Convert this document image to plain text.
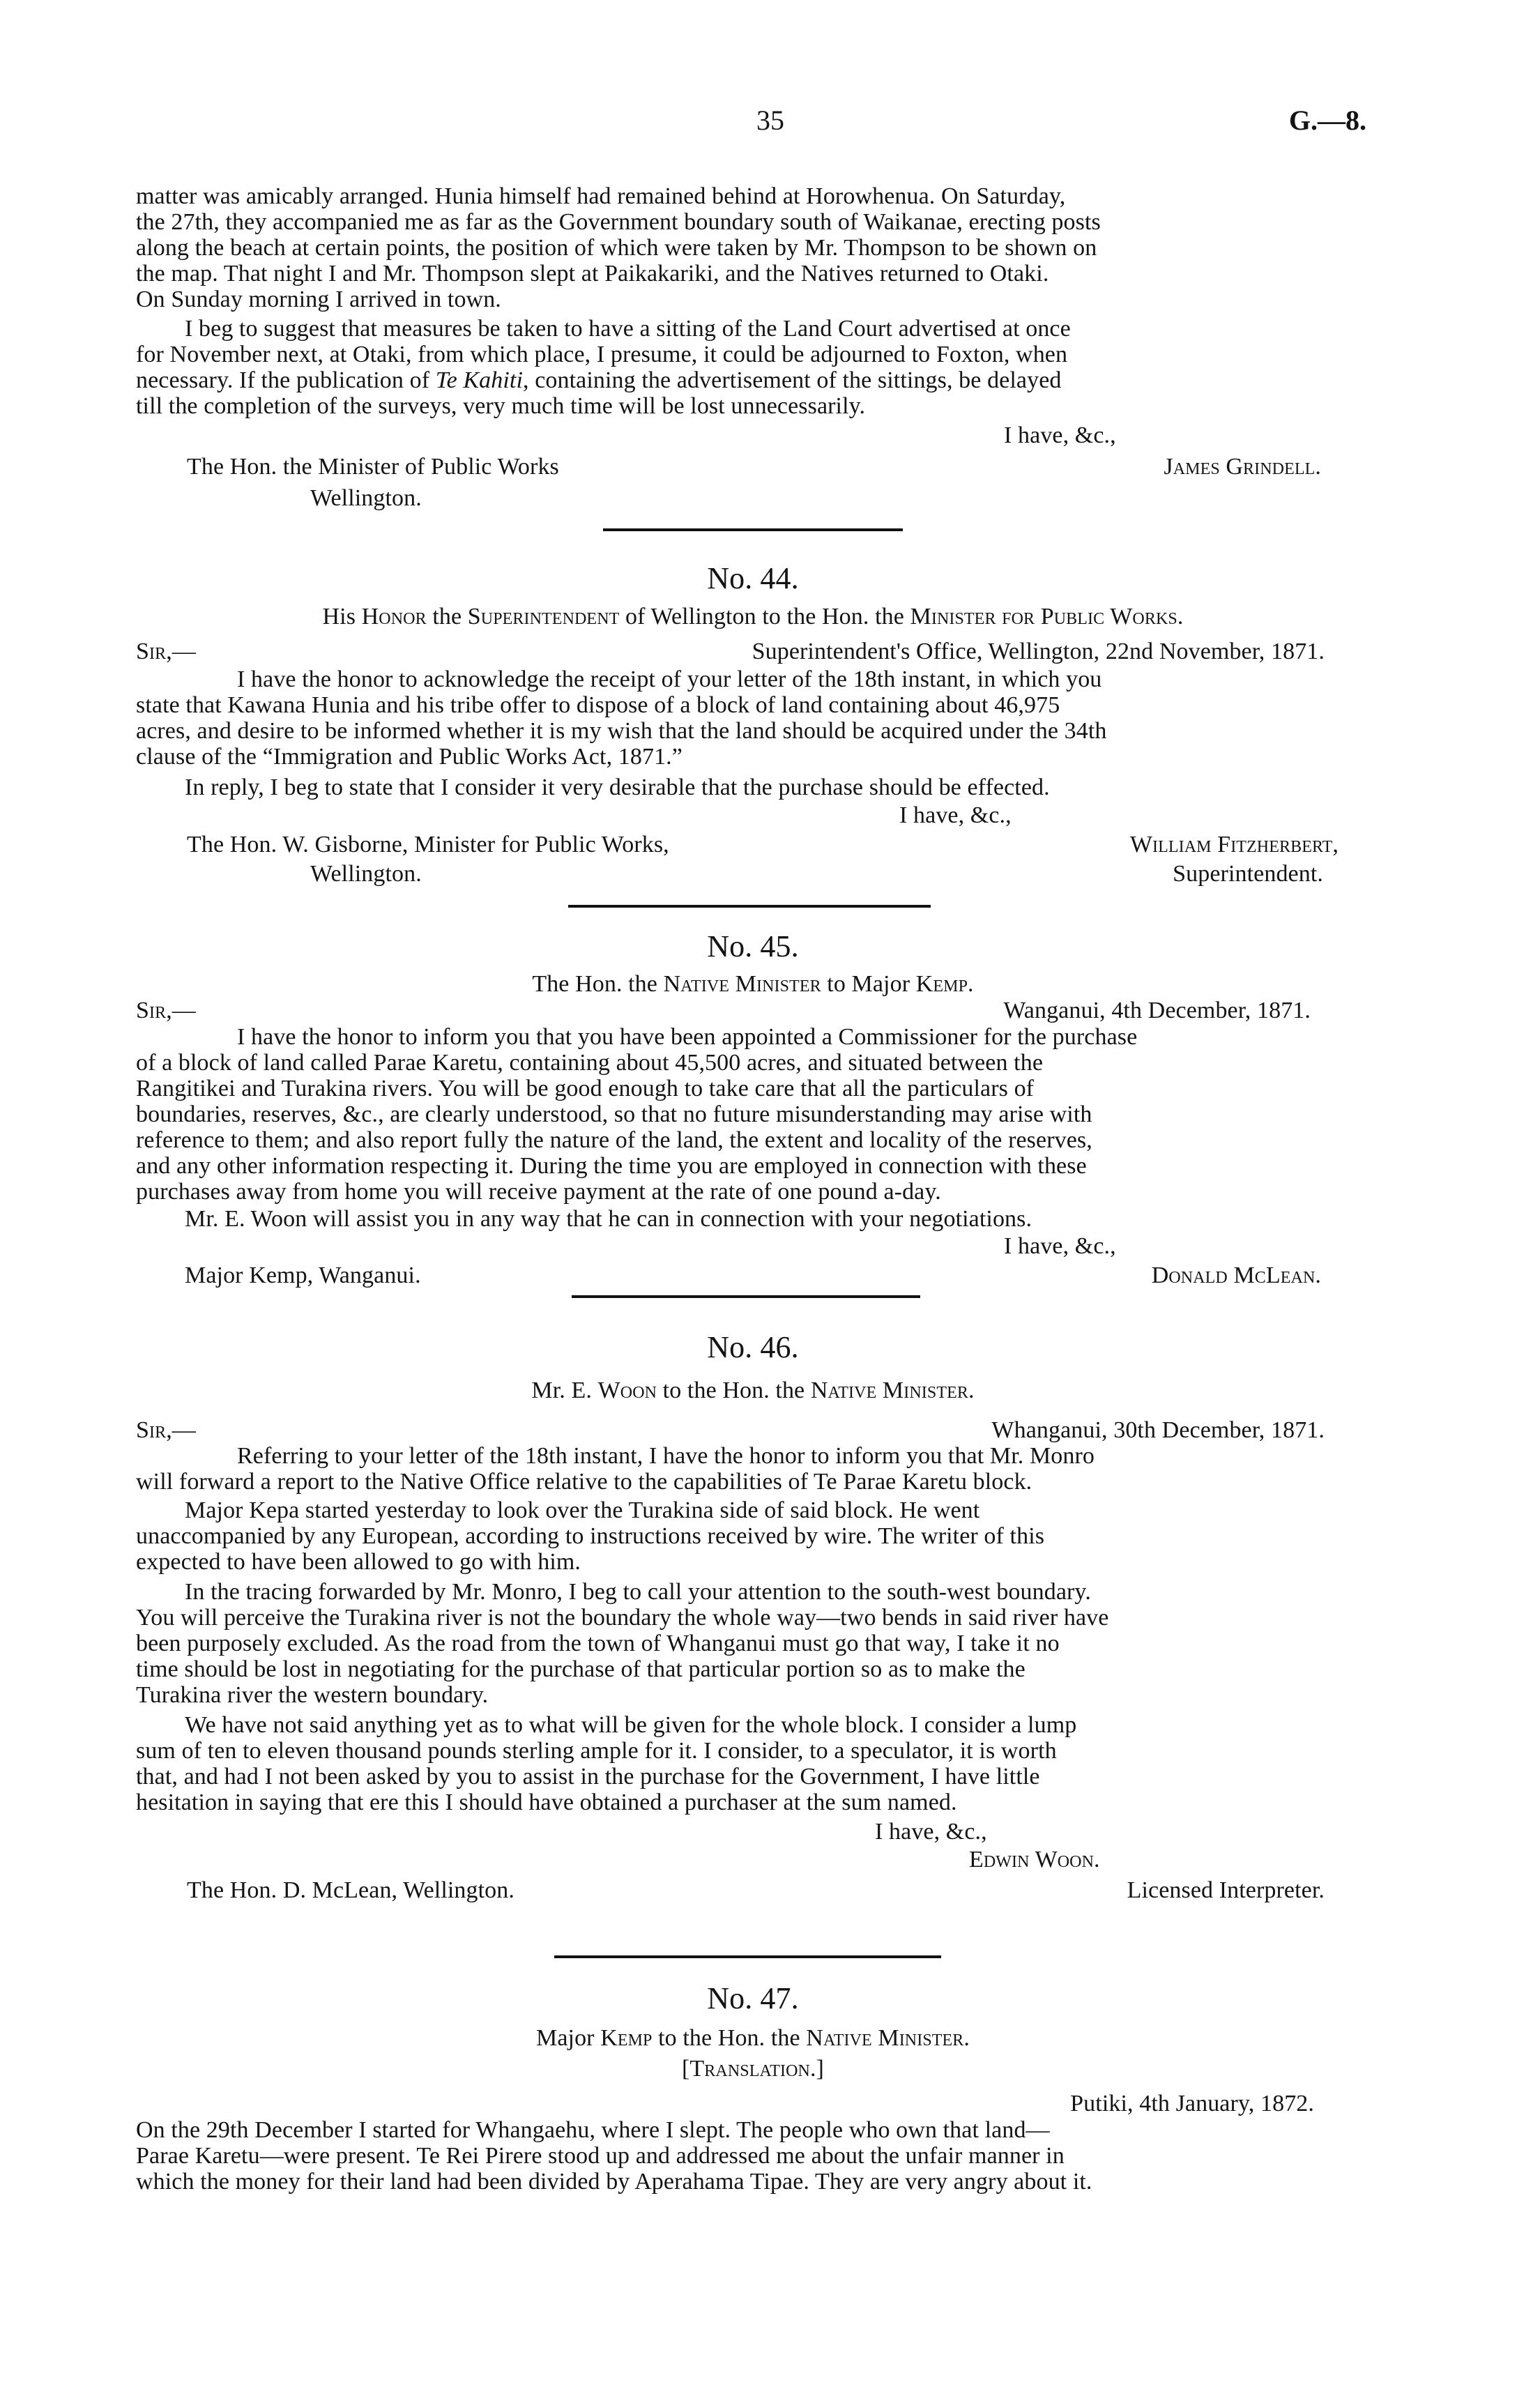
35	G.—8.

matter was amicably arranged. Hunia himself had remained behind at Horowhenua. On Saturday,

the 27th, they accompanied me as far as the Government boundary south of Waikanae, erecting posts

along the beach at certain points, the position of which were taken by Mr. Thompson to be shown on

the map. That night I and Mr. Thompson slept at Paikakariki, and the Natives returned to Otaki.

On Sunday morning I arrived in town.

I beg to suggest that measures be taken to have a sitting of the Land Court advertised at once

for November next, at Otaki, from which place, I presume, it could be adjourned to Foxton, when

necessary. If the publication of Te Kahiti, containing the advertisement of the sittings, be delayed

till the completion of the surveys, very much time will be lost unnecessarily.

I have, &c.,

The Hon. the Minister of Public Works	James Grindell.

Wellington.

No. 44.

His Honor the Superintendent of Wellington to the Hon. the Minister for Public Works.

Sir,—	Superintendent's Office, Wellington, 22nd November, 1871.

I have the honor to acknowledge the receipt of your letter of the 18th instant, in which you

state that Kawana Hunia and his tribe offer to dispose of a block of land containing about 46,975

acres, and desire to be informed whether it is my wish that the land should be acquired under the 34th

clause of the “Immigration and Public Works Act, 1871.”

In reply, I beg to state that I consider it very desirable that the purchase should be effected.

I have, &c.,

The Hon. W. Gisborne, Minister for Public Works,	William Fitzherbert,

Wellington.	Superintendent.

No. 45.

The Hon. the Native Minister to Major Kemp.

Sir,—	Wanganui, 4th December, 1871.

I have the honor to inform you that you have been appointed a Commissioner for the purchase

of a block of land called Parae Karetu, containing about 45,500 acres, and situated between the

Rangitikei and Turakina rivers. You will be good enough to take care that all the particulars of

boundaries, reserves, &c., are clearly understood, so that no future misunderstanding may arise with

reference to them; and also report fully the nature of the land, the extent and locality of the reserves,

and any other information respecting it. During the time you are employed in connection with these

purchases away from home you will receive payment at the rate of one pound a-day.

Mr. E. Woon will assist you in any way that he can in connection with your negotiations.

I have, &c.,

Major Kemp, Wanganui.	Donald McLean.

No. 46.

Mr. E. Woon to the Hon. the Native Minister.

Sir,—	Whanganui, 30th December, 1871.

Referring to your letter of the 18th instant, I have the honor to inform you that Mr. Monro

will forward a report to the Native Office relative to the capabilities of Te Parae Karetu block.

Major Kepa started yesterday to look over the Turakina side of said block. He went

unaccompanied by any European, according to instructions received by wire. The writer of this

expected to have been allowed to go with him.

In the tracing forwarded by Mr. Monro, I beg to call your attention to the south-west boundary.

You will perceive the Turakina river is not the boundary the whole way—two bends in said river have

been purposely excluded. As the road from the town of Whanganui must go that way, I take it no

time should be lost in negotiating for the purchase of that particular portion so as to make the

Turakina river the western boundary.

We have not said anything yet as to what will be given for the whole block. I consider a lump

sum of ten to eleven thousand pounds sterling ample for it. I consider, to a speculator, it is worth

that, and had I not been asked by you to assist in the purchase for the Government, I have little

hesitation in saying that ere this I should have obtained a purchaser at the sum named.

I have, &c.,

Edwin Woon.

The Hon. D. McLean, Wellington.	Licensed Interpreter.

No. 47.

Major Kemp to the Hon. the Native Minister.

[Translation.]

Putiki, 4th January, 1872.

On the 29th December I started for Whangaehu, where I slept. The people who own that land—

Parae Karetu—were present. Te Rei Pirere stood up and addressed me about the unfair manner in

which the money for their land had been divided by Aperahama Tipae. They are very angry about it.
